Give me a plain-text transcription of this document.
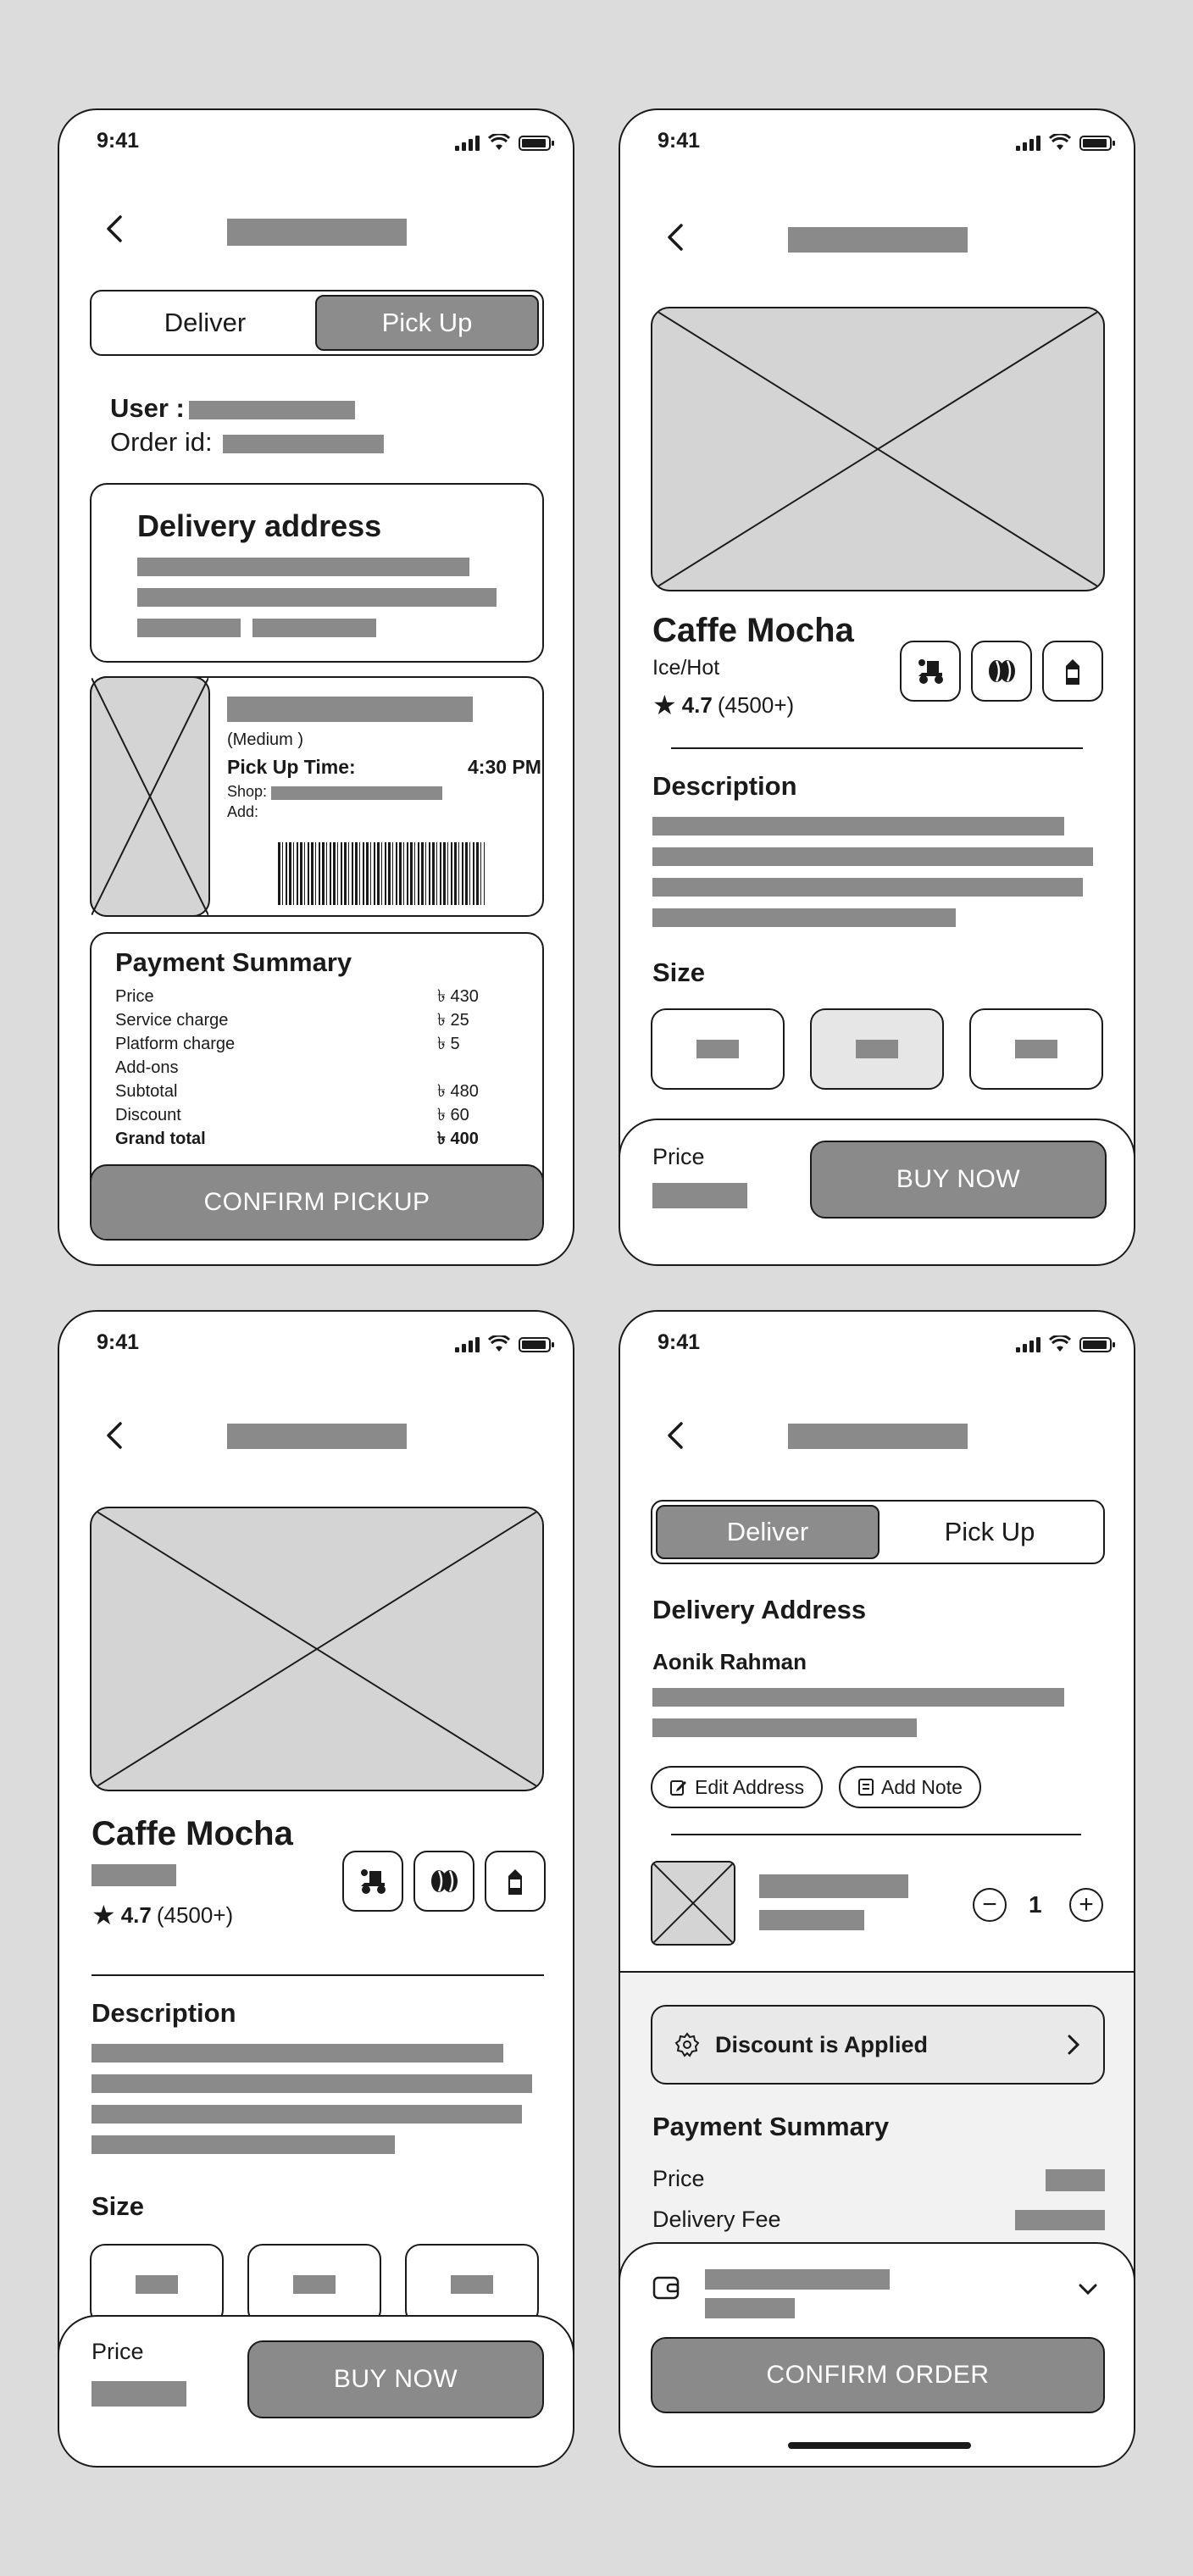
9:41
Deliver	Pick Up
User :
Order id:
Delivery address
(Medium )
Pick Up Time:	4:30 PM
Shop:
Add:
Payment Summary
Price	৳ 430
Service charge	৳ 25
Platform charge	৳ 5
Add-ons
Subtotal	৳ 480
Discount	৳ 60
Grand total	৳ 400
CONFIRM PICKUP
9:41
Caffe Mocha
Ice/Hot
★ 4.7 (4500+)
Description
Size
Price
BUY NOW
9:41
Caffe Mocha
★ 4.7 (4500+)
Description
Size
Price
BUY NOW
9:41
Deliver	Pick Up
Delivery Address
Aonik Rahman
Edit Address	Add Note
−	1	+
Discount is Applied
Payment Summary
Price
Delivery Fee
CONFIRM ORDER
